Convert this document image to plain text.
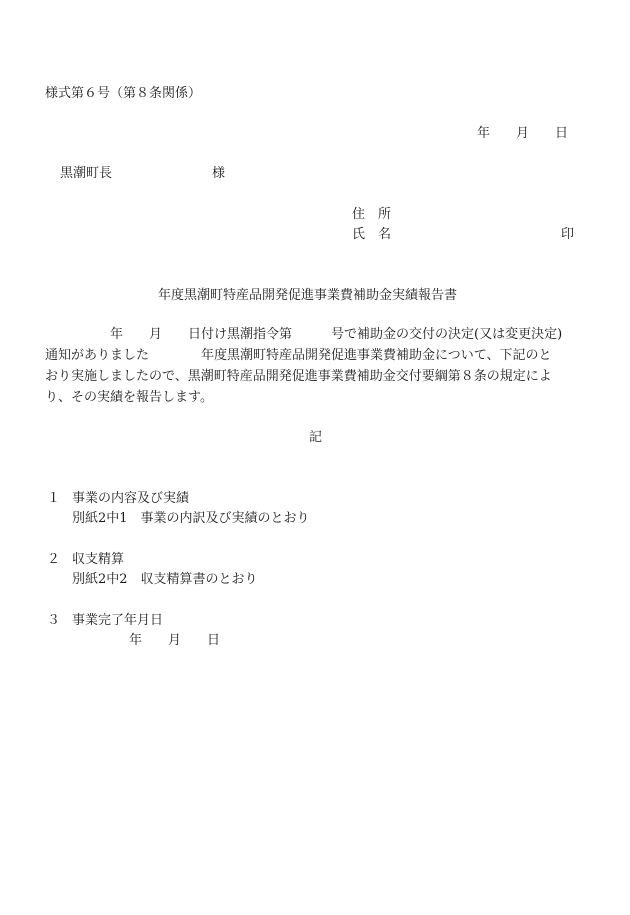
様式第６号（第８条関係）
年　　月　　日
黒潮町長	様
住　所
氏　名	印
年度黒潮町特産品開発促進事業費補助金実績報告書
　　　　　年　　月　　日付け黒潮指令第　　　号で補助金の交付の決定(又は変更決定)
通知がありました　　　　年度黒潮町特産品開発促進事業費補助金について、下記のと
おり実施しましたので、黒潮町特産品開発促進事業費補助金交付要綱第８条の規定によ
り、その実績を報告します。
記
１ 事業の内容及び実績
別紙2中1　事業の内訳及び実績のとおり
２ 収支精算
別紙2中2　収支精算書のとおり
３ 事業完了年月日
年　　月　　日
